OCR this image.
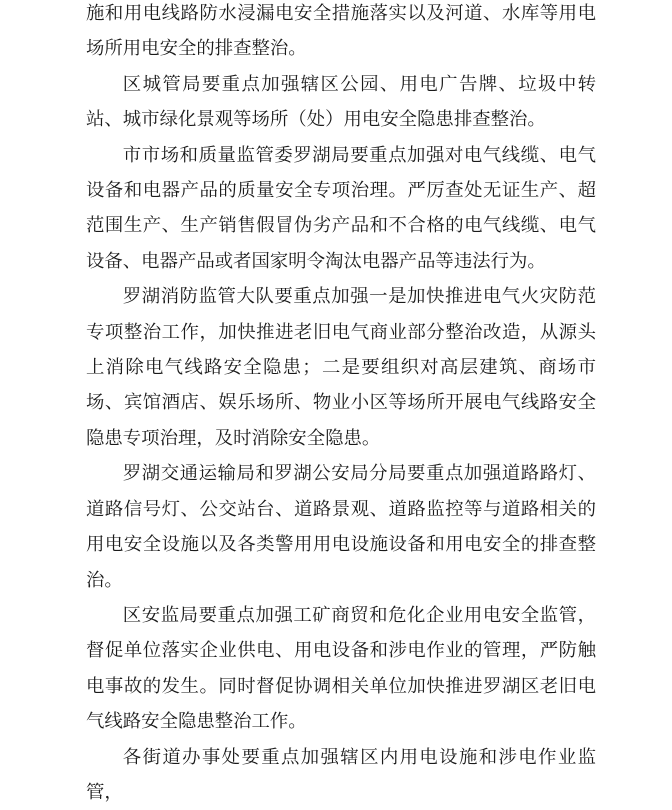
施和用电线路防水浸漏电安全措施落实以及河道、水库等用电场所用电安全的排查整治。

区城管局要重点加强辖区公园、用电广告牌、垃圾中转站、城市绿化景观等场所（处）用电安全隐患排查整治。

市市场和质量监管委罗湖局要重点加强对电气线缆、电气设备和电器产品的质量安全专项治理。严厉查处无证生产、超范围生产、生产销售假冒伪劣产品和不合格的电气线缆、电气设备、电器产品或者国家明令淘汰电器产品等违法行为。

罗湖消防监管大队要重点加强一是加快推进电气火灾防范专项整治工作，加快推进老旧电气商业部分整治改造，从源头上消除电气线路安全隐患；二是要组织对高层建筑、商场市场、宾馆酒店、娱乐场所、物业小区等场所开展电气线路安全隐患专项治理，及时消除安全隐患。

罗湖交通运输局和罗湖公安局分局要重点加强道路路灯、道路信号灯、公交站台、道路景观、道路监控等与道路相关的用电安全设施以及各类警用用电设施设备和用电安全的排查整治。

区安监局要重点加强工矿商贸和危化企业用电安全监管，督促单位落实企业供电、用电设备和涉电作业的管理，严防触电事故的发生。同时督促协调相关单位加快推进罗湖区老旧电气线路安全隐患整治工作。

各街道办事处要重点加强辖区内用电设施和涉电作业监管，
